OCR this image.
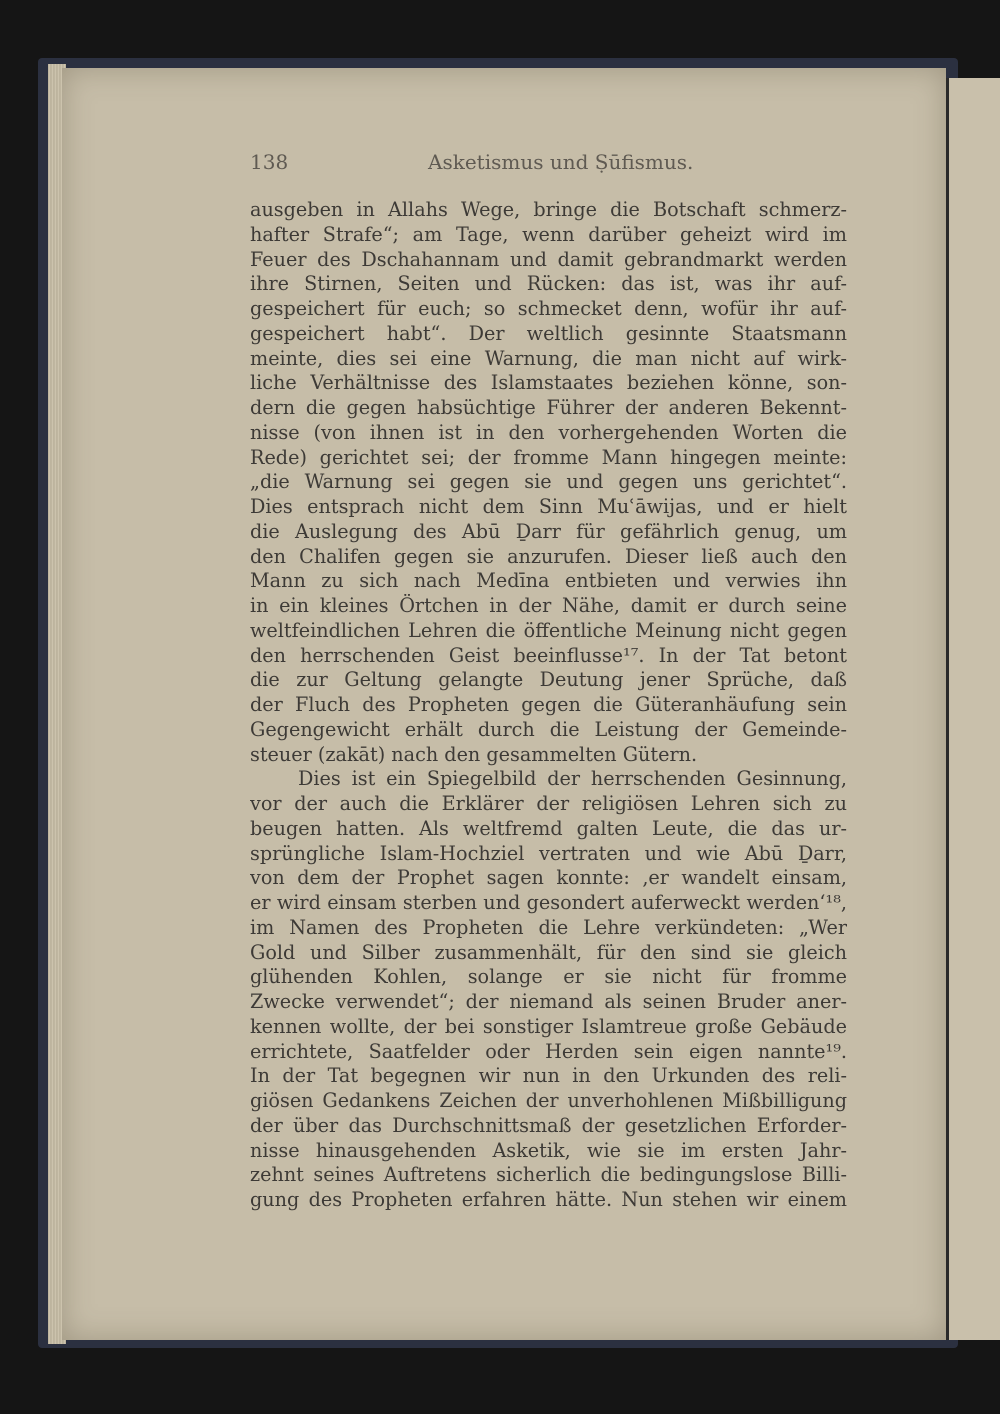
138	Asketismus und Ṣūfismus.
ausgeben in Allahs Wege, bringe die Botschaft schmerz-
hafter Strafe“; am Tage, wenn darüber geheizt wird im
Feuer des Dschahannam und damit gebrandmarkt werden
ihre Stirnen, Seiten und Rücken: das ist, was ihr auf-
gespeichert für euch; so schmecket denn, wofür ihr auf-
gespeichert habt“. Der weltlich gesinnte Staatsmann
meinte, dies sei eine Warnung, die man nicht auf wirk-
liche Verhältnisse des Islamstaates beziehen könne, son-
dern die gegen habsüchtige Führer der anderen Bekennt-
nisse (von ihnen ist in den vorhergehenden Worten die
Rede) gerichtet sei; der fromme Mann hingegen meinte:
„die Warnung sei gegen sie und gegen uns gerichtet“.
Dies entsprach nicht dem Sinn Muʿāwijas, und er hielt
die Auslegung des Abū Ḏarr für gefährlich genug, um
den Chalifen gegen sie anzurufen. Dieser ließ auch den
Mann zu sich nach Medīna entbieten und verwies ihn
in ein kleines Örtchen in der Nähe, damit er durch seine
weltfeindlichen Lehren die öffentliche Meinung nicht gegen
den herrschenden Geist beeinflusse¹⁷. In der Tat betont
die zur Geltung gelangte Deutung jener Sprüche, daß
der Fluch des Propheten gegen die Güteranhäufung sein
Gegengewicht erhält durch die Leistung der Gemeinde-
steuer (zakāt) nach den gesammelten Gütern.
Dies ist ein Spiegelbild der herrschenden Gesinnung,
vor der auch die Erklärer der religiösen Lehren sich zu
beugen hatten. Als weltfremd galten Leute, die das ur-
sprüngliche Islam-Hochziel vertraten und wie Abū Ḏarr,
von dem der Prophet sagen konnte: ‚er wandelt einsam,
er wird einsam sterben und gesondert auferweckt werden‘¹⁸,
im Namen des Propheten die Lehre verkündeten: „Wer
Gold und Silber zusammenhält, für den sind sie gleich
glühenden Kohlen, solange er sie nicht für fromme
Zwecke verwendet“; der niemand als seinen Bruder aner-
kennen wollte, der bei sonstiger Islamtreue große Gebäude
errichtete, Saatfelder oder Herden sein eigen nannte¹⁹.
In der Tat begegnen wir nun in den Urkunden des reli-
giösen Gedankens Zeichen der unverhohlenen Mißbilligung
der über das Durchschnittsmaß der gesetzlichen Erforder-
nisse hinausgehenden Asketik, wie sie im ersten Jahr-
zehnt seines Auftretens sicherlich die bedingungslose Billi-
gung des Propheten erfahren hätte. Nun stehen wir einem
